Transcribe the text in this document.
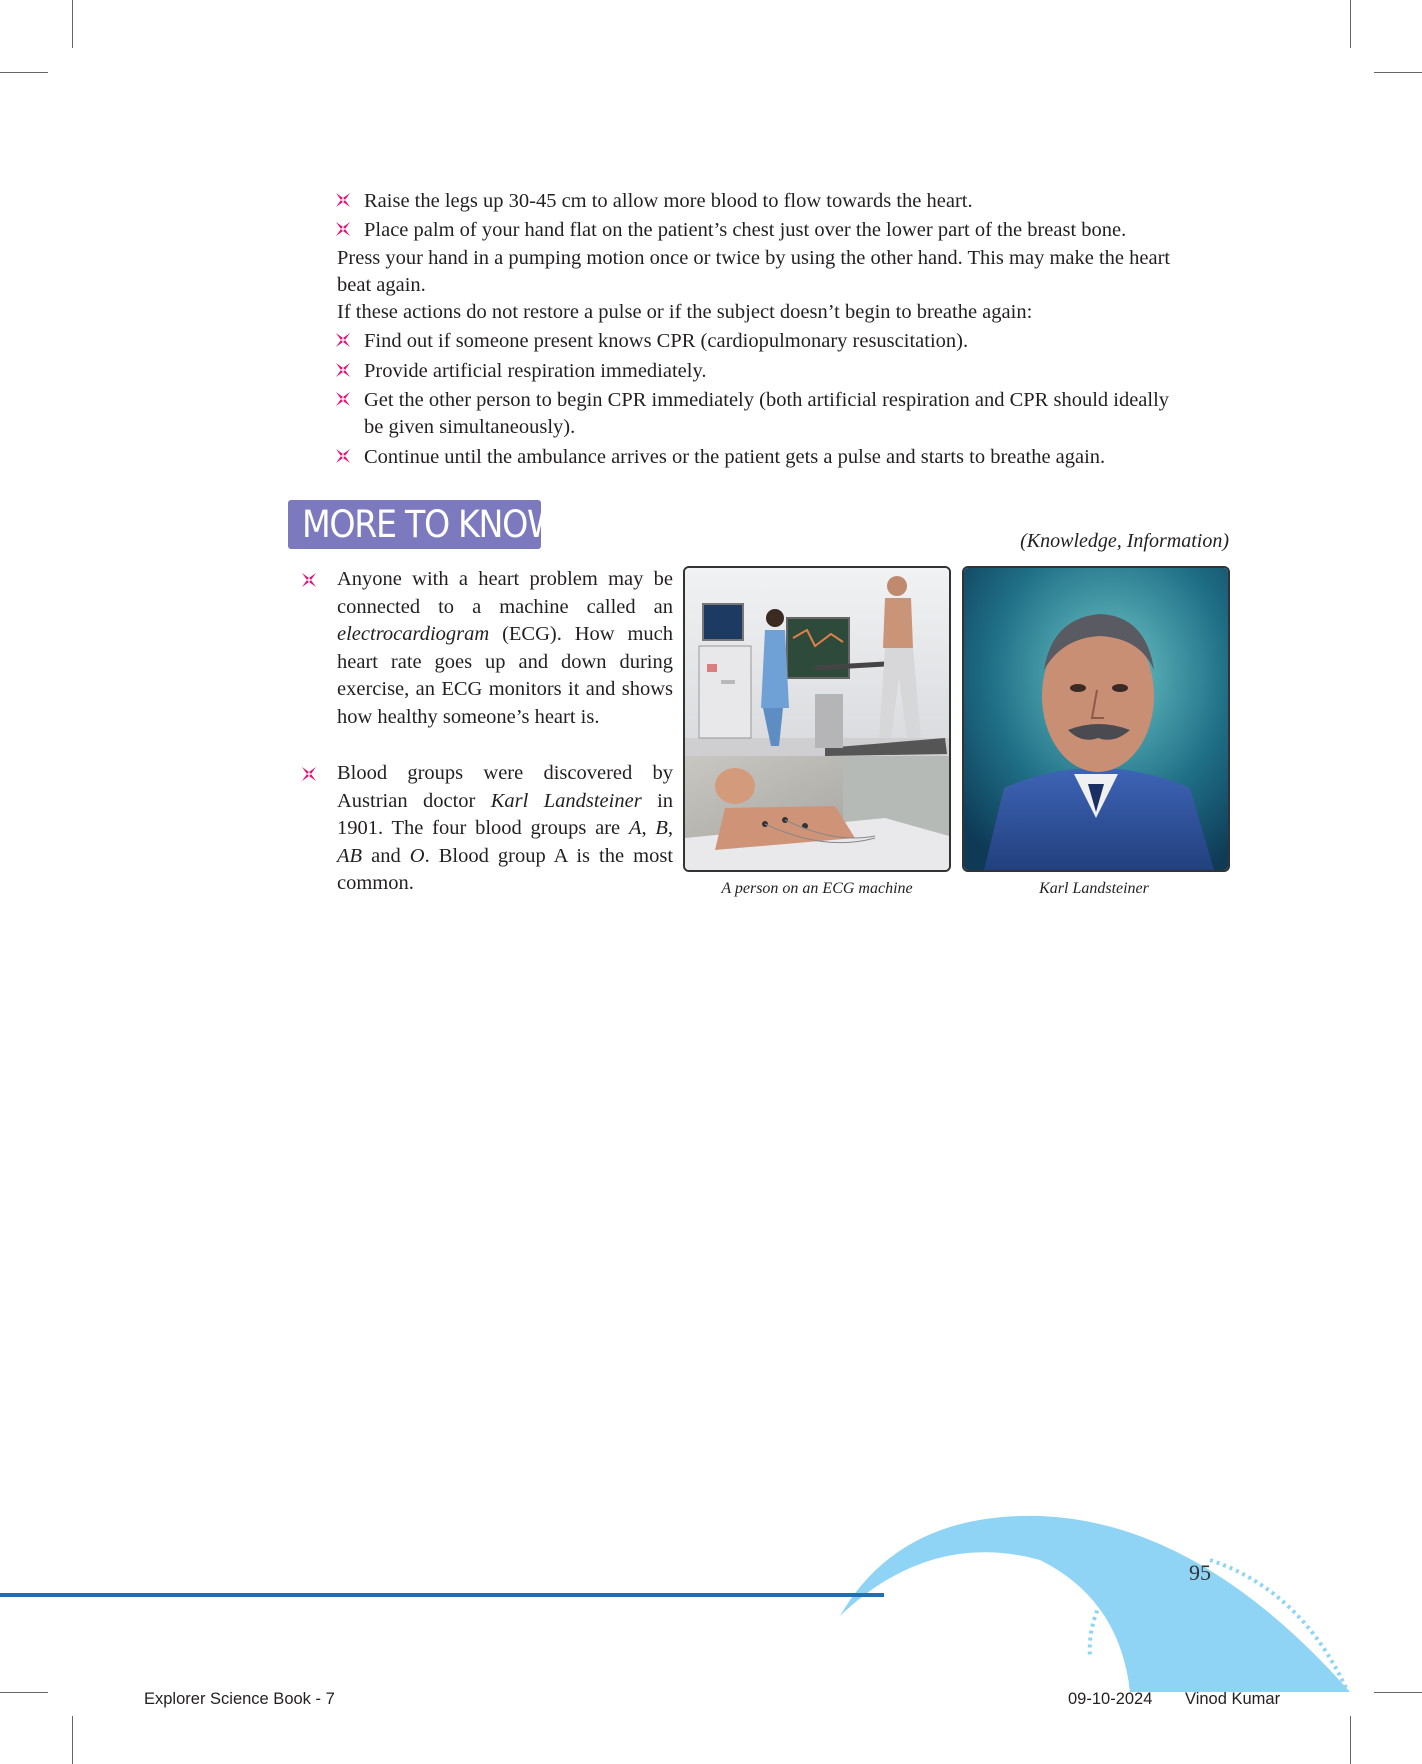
Raise the legs up 30-45 cm to allow more blood to flow towards the heart.
Place palm of your hand flat on the patient’s chest just over the lower part of the breast bone.
Press your hand in a pumping motion once or twice by using the other hand. This may make the heart
beat again.
If these actions do not restore a pulse or if the subject doesn’t begin to breathe again:
Find out if someone present knows CPR (cardiopulmonary resuscitation).
Provide artificial respiration immediately.
Get the other person to begin CPR immediately (both artificial respiration and CPR should ideally
be given simultaneously).
Continue until the ambulance arrives or the patient gets a pulse and starts to breathe again.
MORE TO KNOW	(Knowledge, Information)
Anyone with a heart problem may be connected to a machine called an electrocardiogram (ECG). How much heart rate goes up and down during exercise, an ECG monitors it and shows how healthy someone’s heart is.
Blood groups were discovered by Austrian doctor Karl Landsteiner in 1901. The four blood groups are A, B, AB and O. Blood group A is the most common.	A person on an ECG machine	Karl Landsteiner
95
Explorer Science Book - 7	09-10-2024 Vinod Kumar
